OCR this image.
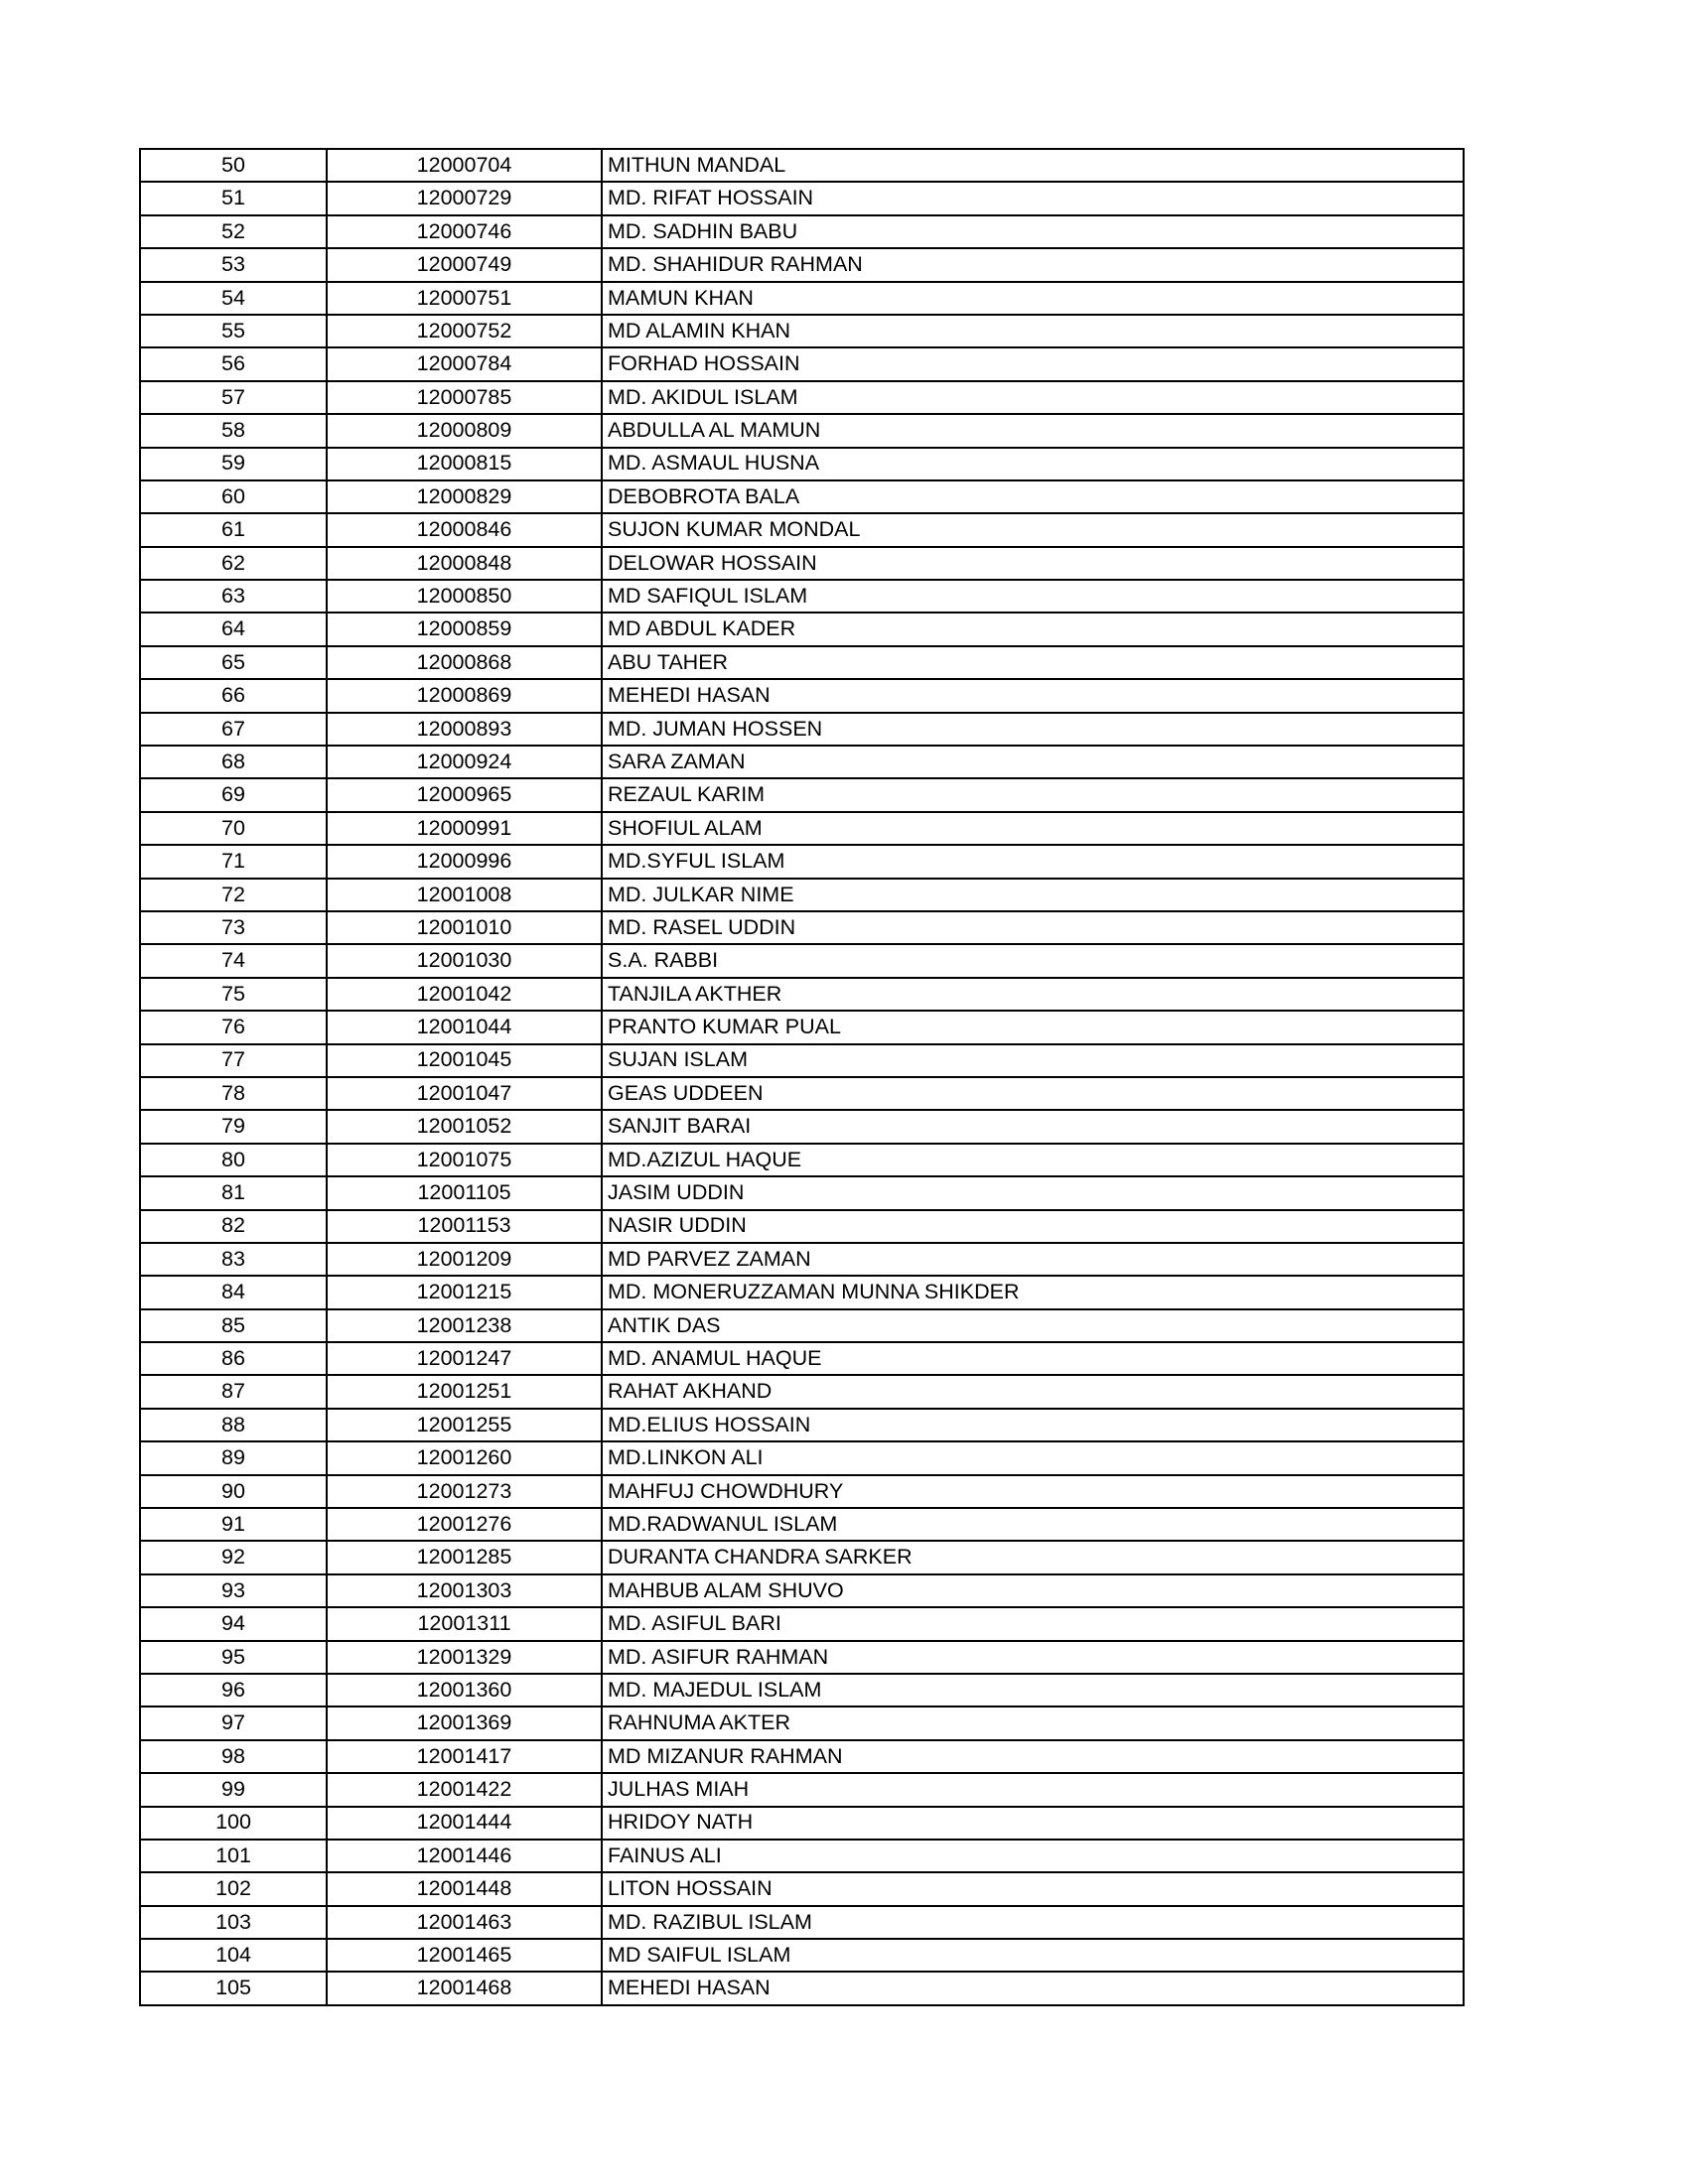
50	12000704	MITHUN MANDAL
51	12000729	MD. RIFAT HOSSAIN
52	12000746	MD. SADHIN BABU
53	12000749	MD. SHAHIDUR RAHMAN
54	12000751	MAMUN KHAN
55	12000752	MD ALAMIN KHAN
56	12000784	FORHAD HOSSAIN
57	12000785	MD. AKIDUL ISLAM
58	12000809	ABDULLA AL MAMUN
59	12000815	MD. ASMAUL HUSNA
60	12000829	DEBOBROTA BALA
61	12000846	SUJON KUMAR MONDAL
62	12000848	DELOWAR HOSSAIN
63	12000850	MD SAFIQUL ISLAM
64	12000859	MD ABDUL KADER
65	12000868	ABU TAHER
66	12000869	MEHEDI HASAN
67	12000893	MD. JUMAN HOSSEN
68	12000924	SARA ZAMAN
69	12000965	REZAUL KARIM
70	12000991	SHOFIUL ALAM
71	12000996	MD.SYFUL ISLAM
72	12001008	MD. JULKAR NIME
73	12001010	MD. RASEL UDDIN
74	12001030	S.A. RABBI
75	12001042	TANJILA AKTHER
76	12001044	PRANTO KUMAR PUAL
77	12001045	SUJAN ISLAM
78	12001047	GEAS UDDEEN
79	12001052	SANJIT BARAI
80	12001075	MD.AZIZUL HAQUE
81	12001105	JASIM UDDIN
82	12001153	NASIR UDDIN
83	12001209	MD PARVEZ ZAMAN
84	12001215	MD. MONERUZZAMAN MUNNA SHIKDER
85	12001238	ANTIK DAS
86	12001247	MD. ANAMUL HAQUE
87	12001251	RAHAT AKHAND
88	12001255	MD.ELIUS HOSSAIN
89	12001260	MD.LINKON ALI
90	12001273	MAHFUJ CHOWDHURY
91	12001276	MD.RADWANUL ISLAM
92	12001285	DURANTA CHANDRA SARKER
93	12001303	MAHBUB ALAM SHUVO
94	12001311	MD. ASIFUL BARI
95	12001329	MD. ASIFUR RAHMAN
96	12001360	MD. MAJEDUL ISLAM
97	12001369	RAHNUMA AKTER
98	12001417	MD MIZANUR RAHMAN
99	12001422	JULHAS MIAH
100	12001444	HRIDOY NATH
101	12001446	FAINUS ALI
102	12001448	LITON HOSSAIN
103	12001463	MD. RAZIBUL ISLAM
104	12001465	MD SAIFUL ISLAM
105	12001468	MEHEDI HASAN
